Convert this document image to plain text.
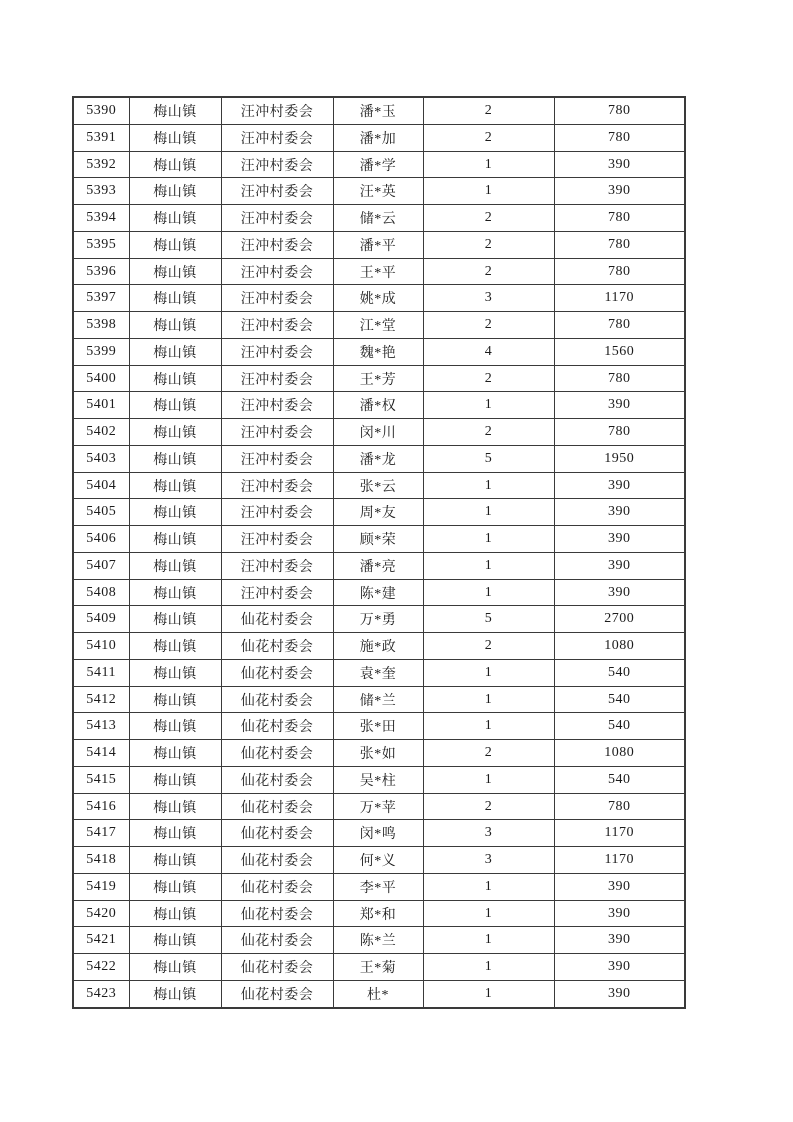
5390	梅山镇	汪冲村委会	潘*玉	2	780
5391	梅山镇	汪冲村委会	潘*加	2	780
5392	梅山镇	汪冲村委会	潘*学	1	390
5393	梅山镇	汪冲村委会	汪*英	1	390
5394	梅山镇	汪冲村委会	储*云	2	780
5395	梅山镇	汪冲村委会	潘*平	2	780
5396	梅山镇	汪冲村委会	王*平	2	780
5397	梅山镇	汪冲村委会	姚*成	3	1170
5398	梅山镇	汪冲村委会	江*堂	2	780
5399	梅山镇	汪冲村委会	魏*艳	4	1560
5400	梅山镇	汪冲村委会	王*芳	2	780
5401	梅山镇	汪冲村委会	潘*权	1	390
5402	梅山镇	汪冲村委会	闵*川	2	780
5403	梅山镇	汪冲村委会	潘*龙	5	1950
5404	梅山镇	汪冲村委会	张*云	1	390
5405	梅山镇	汪冲村委会	周*友	1	390
5406	梅山镇	汪冲村委会	顾*荣	1	390
5407	梅山镇	汪冲村委会	潘*亮	1	390
5408	梅山镇	汪冲村委会	陈*建	1	390
5409	梅山镇	仙花村委会	万*勇	5	2700
5410	梅山镇	仙花村委会	施*政	2	1080
5411	梅山镇	仙花村委会	袁*奎	1	540
5412	梅山镇	仙花村委会	储*兰	1	540
5413	梅山镇	仙花村委会	张*田	1	540
5414	梅山镇	仙花村委会	张*如	2	1080
5415	梅山镇	仙花村委会	吴*柱	1	540
5416	梅山镇	仙花村委会	万*苹	2	780
5417	梅山镇	仙花村委会	闵*鸣	3	1170
5418	梅山镇	仙花村委会	何*义	3	1170
5419	梅山镇	仙花村委会	李*平	1	390
5420	梅山镇	仙花村委会	郑*和	1	390
5421	梅山镇	仙花村委会	陈*兰	1	390
5422	梅山镇	仙花村委会	王*菊	1	390
5423	梅山镇	仙花村委会	杜*	1	390
